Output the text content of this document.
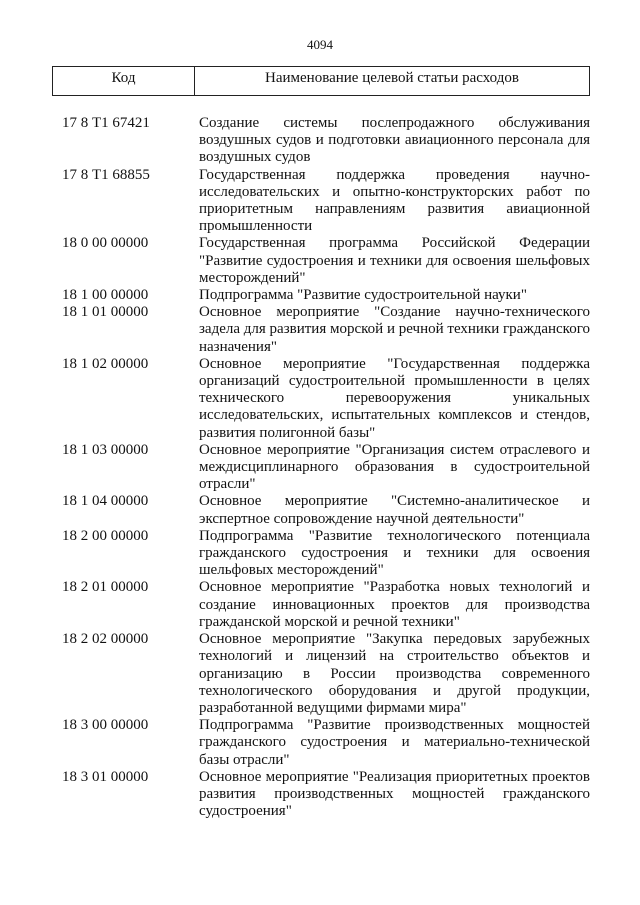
4094
Код	Наименование целевой статьи расходов
17 8 Т1 67421	Создание системы послепродажного обслуживания воздушных судов и подготовки авиационного персонала для воздушных судов
17 8 Т1 68855	Государственная поддержка проведения научно-исследовательских и опытно-конструкторских работ по приоритетным направлениям развития авиационной промышленности
18 0 00 00000	Государственная программа Российской Федерации "Развитие судостроения и техники для освоения шельфовых месторождений"
18 1 00 00000	Подпрограмма "Развитие судостроительной науки"
18 1 01 00000	Основное мероприятие "Создание научно-технического задела для развития морской и речной техники гражданского назначения"
18 1 02 00000	Основное мероприятие "Государственная поддержка организаций судостроительной промышленности в целях технического перевооружения уникальных исследовательских, испытательных комплексов и стендов, развития полигонной базы"
18 1 03 00000	Основное мероприятие "Организация систем отраслевого и междисциплинарного образования в судостроительной отрасли"
18 1 04 00000	Основное мероприятие "Системно-аналитическое и экспертное сопровождение научной деятельности"
18 2 00 00000	Подпрограмма "Развитие технологического потенциала гражданского судостроения и техники для освоения шельфовых месторождений"
18 2 01 00000	Основное мероприятие "Разработка новых технологий и создание инновационных проектов для производства гражданской морской и речной техники"
18 2 02 00000	Основное мероприятие "Закупка передовых зарубежных технологий и лицензий на строительство объектов и организацию в России производства современного технологического оборудования и другой продукции, разработанной ведущими фирмами мира"
18 3 00 00000	Подпрограмма "Развитие производственных мощностей гражданского судостроения и материально-технической базы отрасли"
18 3 01 00000	Основное мероприятие "Реализация приоритетных проектов развития производственных мощностей гражданского судостроения"
